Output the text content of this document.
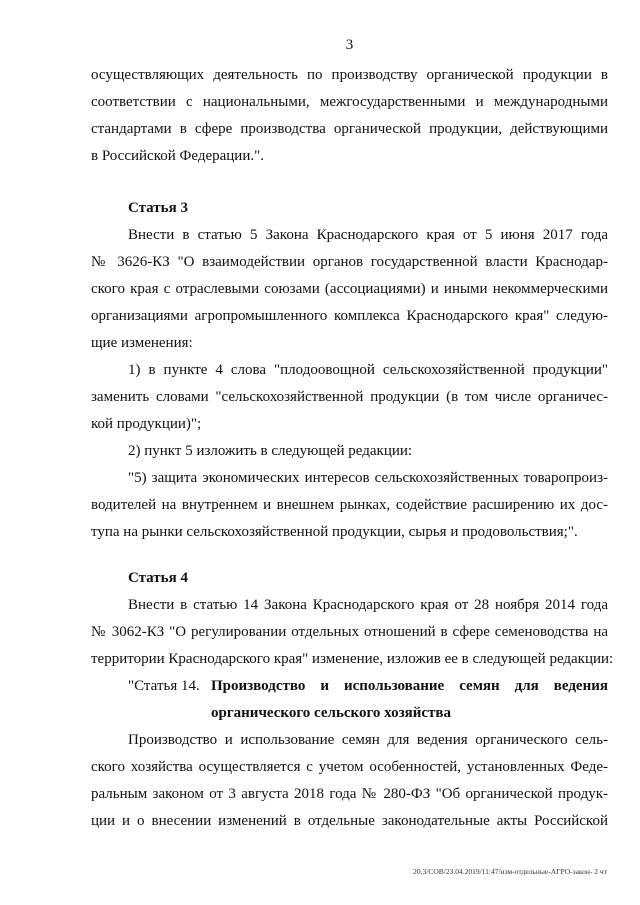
3
осуществляющих деятельность по производству органической продукции в
соответствии с национальными, межгосударственными и международными
стандартами в сфере производства органической продукции, действующими
в Российской Федерации.".
Статья 3
Внести в статью 5 Закона Краснодарского края от 5 июня 2017 года
№ 3626-КЗ "О взаимодействии органов государственной власти Краснодар-
ского края с отраслевыми союзами (ассоциациями) и иными некоммерческими
организациями агропромышленного комплекса Краснодарского края" следую-
щие изменения:
1) в пункте 4 слова "плодоовощной сельскохозяйственной продукции"
заменить словами "сельскохозяйственной продукции (в том числе органичес-
кой продукции)";
2) пункт 5 изложить в следующей редакции:
"5) защита экономических интересов сельскохозяйственных товаропроиз-
водителей на внутреннем и внешнем рынках, содействие расширению их дос-
тупа на рынки сельскохозяйственной продукции, сырья и продовольствия;".
Статья 4
Внести в статью 14 Закона Краснодарского края от 28 ноября 2014 года
№ 3062-КЗ "О регулировании отдельных отношений в сфере семеноводства на
территории Краснодарского края" изменение, изложив ее в следующей редакции:
"Статья 14. Производство и использование семян для ведения
органического сельского хозяйства
Производство и использование семян для ведения органического сель-
ского хозяйства осуществляется с учетом особенностей, установленных Феде-
ральным законом от 3 августа 2018 года № 280-ФЗ "Об органической продук-
ции и о внесении изменений в отдельные законодательные акты Российской
20.3/СОВ/23.04.2019/11:47/изм-отдельные-АГРО-закон- 2 чт
